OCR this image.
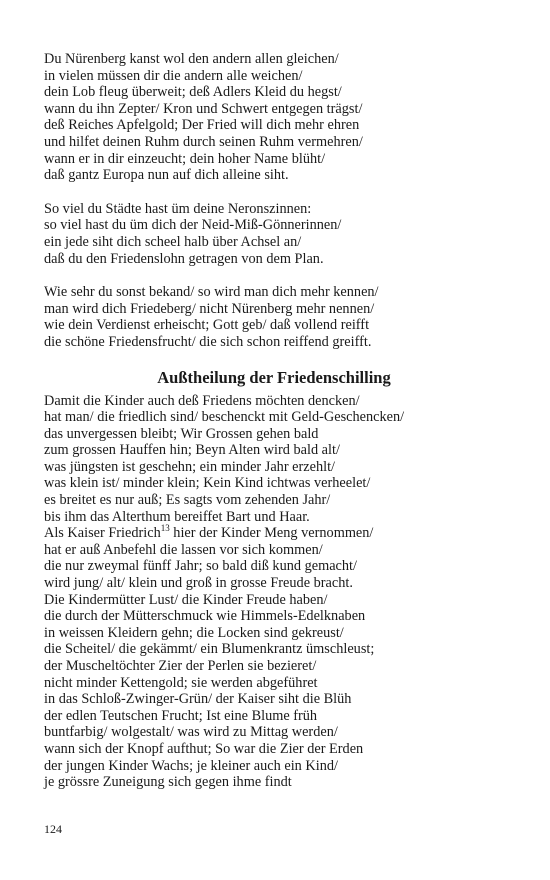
Du Nürenberg kanst wol den andern allen gleichen/
in vielen müssen dir die andern alle weichen/
dein Lob fleug überweit; deß Adlers Kleid du hegst/
wann du ihn Zepter/ Kron und Schwert entgegen trägst/
deß Reiches Apfelgold; Der Fried will dich mehr ehren
und hilfet deinen Ruhm durch seinen Ruhm vermehren/
wann er in dir einzeucht; dein hoher Name blüht/
daß gantz Europa nun auf dich alleine siht.
So viel du Städte hast üm deine Neronszinnen:
so viel hast du üm dich der Neid-Miß-Gönnerinnen/
ein jede siht dich scheel halb über Achsel an/
daß du den Friedenslohn getragen von dem Plan.
Wie sehr du sonst bekand/ so wird man dich mehr kennen/
man wird dich Friedeberg/ nicht Nürenberg mehr nennen/
wie dein Verdienst erheischt; Gott geb/ daß vollend reifft
die schöne Friedensfrucht/ die sich schon reiffend greifft.
Außtheilung der Friedenschilling
Damit die Kinder auch deß Friedens möchten dencken/
hat man/ die friedlich sind/ beschenckt mit Geld-Geschencken/
das unvergessen bleibt; Wir Grossen gehen bald
zum grossen Hauffen hin; Beyn Alten wird bald alt/
was jüngsten ist geschehn; ein minder Jahr erzehlt/
was klein ist/ minder klein; Kein Kind ichtwas verheelet/
es breitet es nur auß; Es sagts vom zehenden Jahr/
bis ihm das Alterthum bereiffet Bart und Haar.
Als Kaiser Friedrich$^{13}$ hier der Kinder Meng vernommen/
hat er auß Anbefehl die lassen vor sich kommen/
die nur zweymal fünff Jahr; so bald diß kund gemacht/
wird jung/ alt/ klein und groß in grosse Freude bracht.
Die Kindermütter Lust/ die Kinder Freude haben/
die durch der Mütterschmuck wie Himmels-Edelknaben
in weissen Kleidern gehn; die Locken sind gekreust/
die Scheitel/ die gekämmt/ ein Blumenkrantz ümschleust;
der Muscheltöchter Zier der Perlen sie bezieret/
nicht minder Kettengold; sie werden abgeführet
in das Schloß-Zwinger-Grün/ der Kaiser siht die Blüh
der edlen Teutschen Frucht; Ist eine Blume früh
buntfarbig/ wolgestalt/ was wird zu Mittag werden/
wann sich der Knopf aufthut; So war die Zier der Erden
der jungen Kinder Wachs; je kleiner auch ein Kind/
je grössre Zuneigung sich gegen ihme findt
124
